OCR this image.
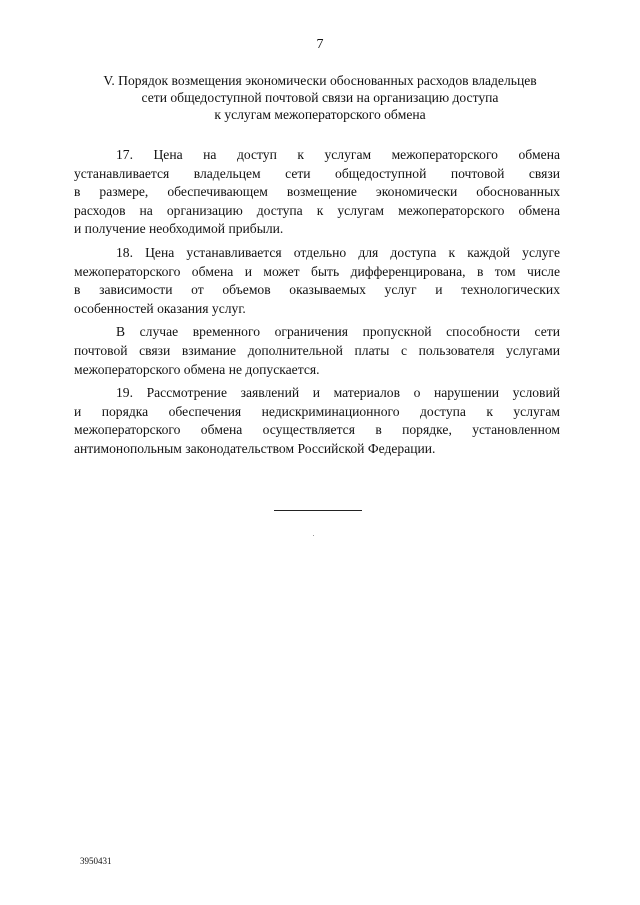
7
V. Порядок возмещения экономически обоснованных расходов владельцев
сети общедоступной почтовой связи на организацию доступа
к услугам межоператорского обмена

17. Цена на доступ к услугам межоператорского обмена
устанавливается владельцем сети общедоступной почтовой связи
в размере, обеспечивающем возмещение экономически обоснованных
расходов на организацию доступа к услугам межоператорского обмена
и получение необходимой прибыли.

18. Цена устанавливается отдельно для доступа к каждой услуге
межоператорского обмена и может быть дифференцирована, в том числе
в зависимости от объемов оказываемых услуг и технологических
особенностей оказания услуг.

В случае временного ограничения пропускной способности сети
почтовой связи взимание дополнительной платы с пользователя услугами
межоператорского обмена не допускается.

19. Рассмотрение заявлений и материалов о нарушении условий
и порядка обеспечения недискриминационного доступа к услугам
межоператорского обмена осуществляется в порядке, установленном
антимонопольным законодательством Российской Федерации.

3950431
